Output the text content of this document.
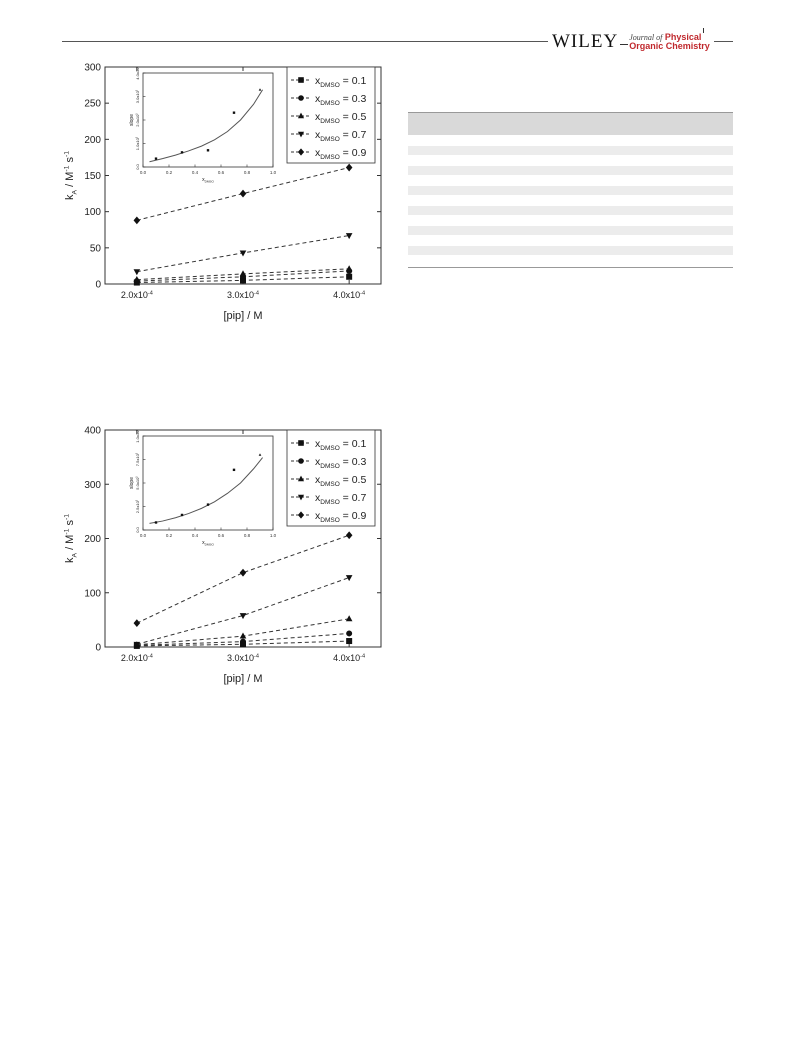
WILEY Journal of Physical
Organic Chemistry
0
50
100
150
200
250
300
$2.0x10^{-4}$	$3.0x10^{-4}$	$4.0x10^{-4}$
[pip] / M
$k_A / M^{-1}$ $s^{-1}$
$x_{DMSO} = 0.1$
$x_{DMSO} = 0.3$
$x_{DMSO} = 0.5$
$x_{DMSO} = 0.7$
$x_{DMSO} = 0.9$
0.0	0.2	0.4	0.6	0.8	1.0
0.0
$1.0x10^5$
$2.0x10^5$
$3.0x10^5$
$4.0x10^5$
$x_{DMSO}$
slope
0
100
200
300
400
$2.0x10^{-4}$	$3.0x10^{-4}$	$4.0x10^{-4}$
[pip] / M
$k_A / M^{-1}$ $s^{-1}$
$x_{DMSO} = 0.1$
$x_{DMSO} = 0.3$
$x_{DMSO} = 0.5$
$x_{DMSO} = 0.7$
$x_{DMSO} = 0.9$
0.0	0.2	0.4	0.6	0.8	1.0
0.0
$2.5x10^5$
$5.0x10^5$
$7.5x10^5$
$1.0x10^6$
$x_{DMSO}$
slope
